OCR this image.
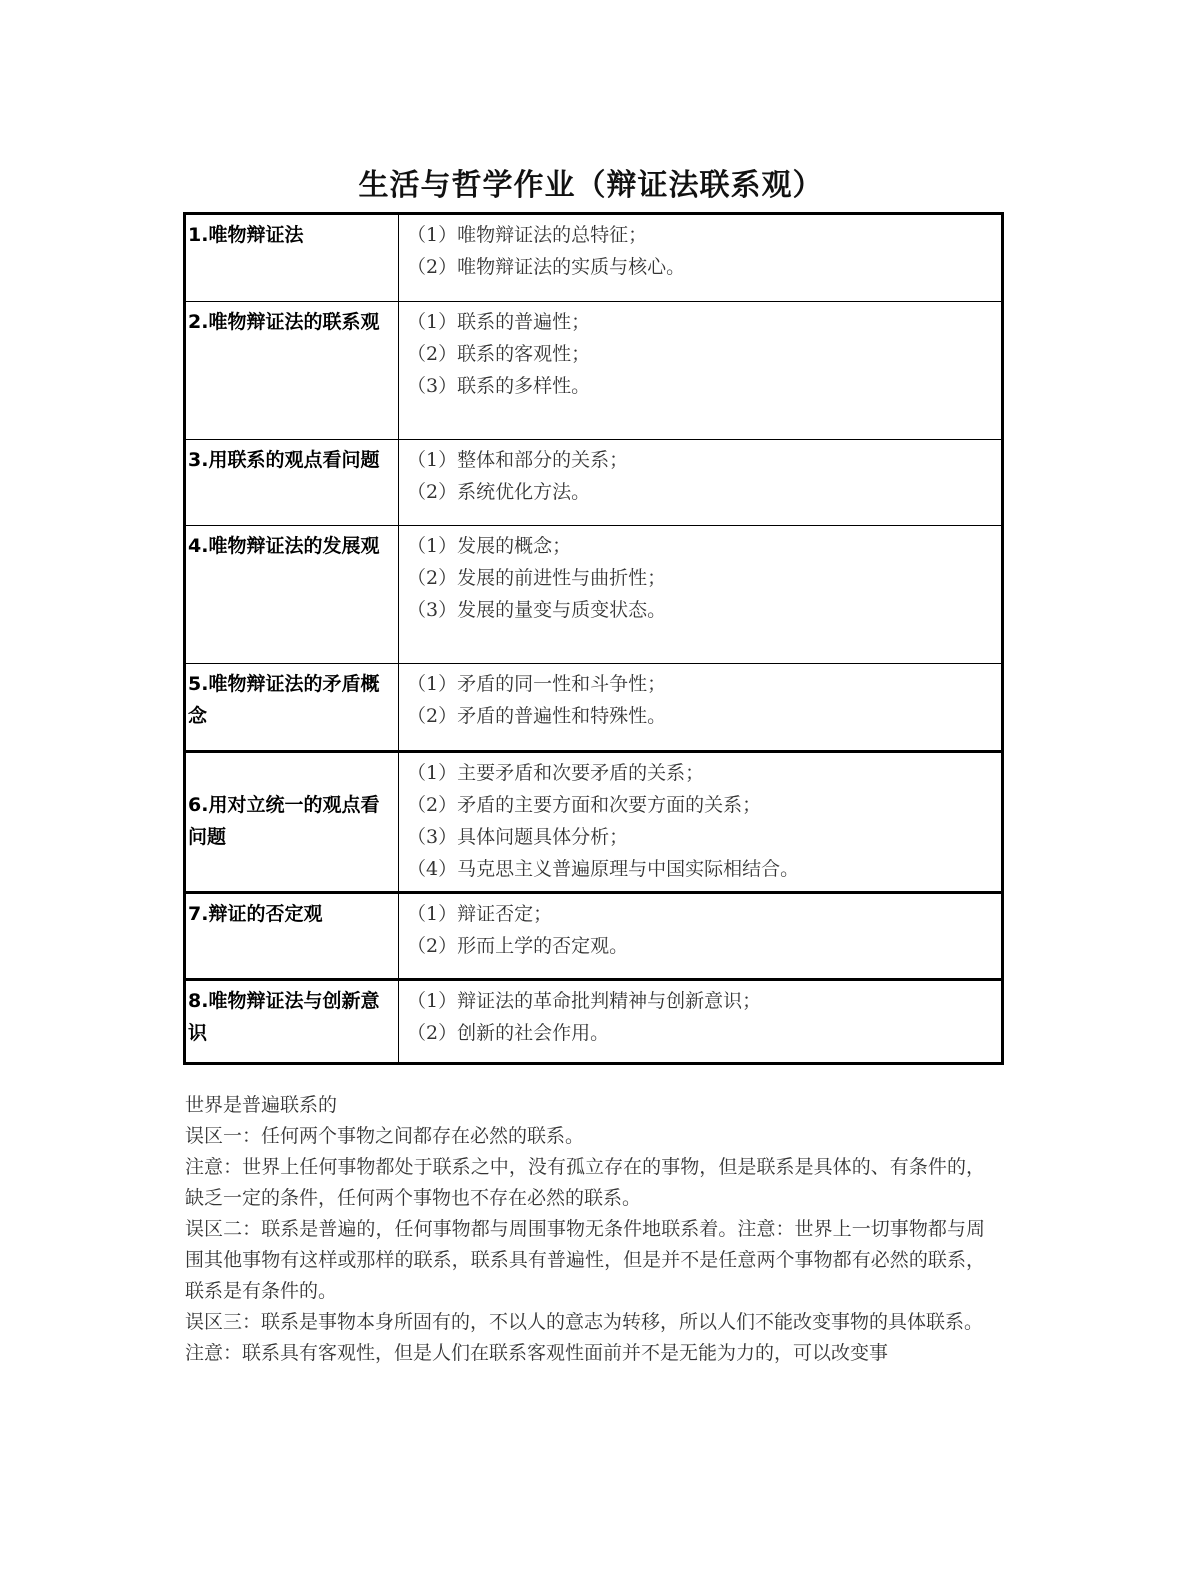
生活与哲学作业（辩证法联系观）
1.唯物辩证法	（1）唯物辩证法的总特征；
（2）唯物辩证法的实质与核心。

2.唯物辩证法的联系观	（1）联系的普遍性；
（2）联系的客观性；
（3）联系的多样性。

3.用联系的观点看问题	（1）整体和部分的关系；
（2）系统优化方法。

4.唯物辩证法的发展观	（1）发展的概念；
（2）发展的前进性与曲折性；
（3）发展的量变与质变状态。

5.唯物辩证法的矛盾概念	（1）矛盾的同一性和斗争性；
（2）矛盾的普遍性和特殊性。

6.用对立统一的观点看问题	（1）主要矛盾和次要矛盾的关系；
（2）矛盾的主要方面和次要方面的关系；
（3）具体问题具体分析；
（4）马克思主义普遍原理与中国实际相结合。

7.辩证的否定观	（1）辩证否定；
（2）形而上学的否定观。

8.唯物辩证法与创新意识	（1）辩证法的革命批判精神与创新意识；
（2）创新的社会作用。

世界是普遍联系的

误区一：任何两个事物之间都存在必然的联系。

注意：世界上任何事物都处于联系之中，没有孤立存在的事物，但是联系是具体的、有条件的，缺乏一定的条件，任何两个事物也不存在必然的联系。

误区二：联系是普遍的，任何事物都与周围事物无条件地联系着。注意：世界上一切事物都与周围其他事物有这样或那样的联系，联系具有普遍性，但是并不是任意两个事物都有必然的联系，联系是有条件的。

误区三：联系是事物本身所固有的，不以人的意志为转移，所以人们不能改变事物的具体联系。

注意：联系具有客观性，但是人们在联系客观性面前并不是无能为力的，可以改变事
